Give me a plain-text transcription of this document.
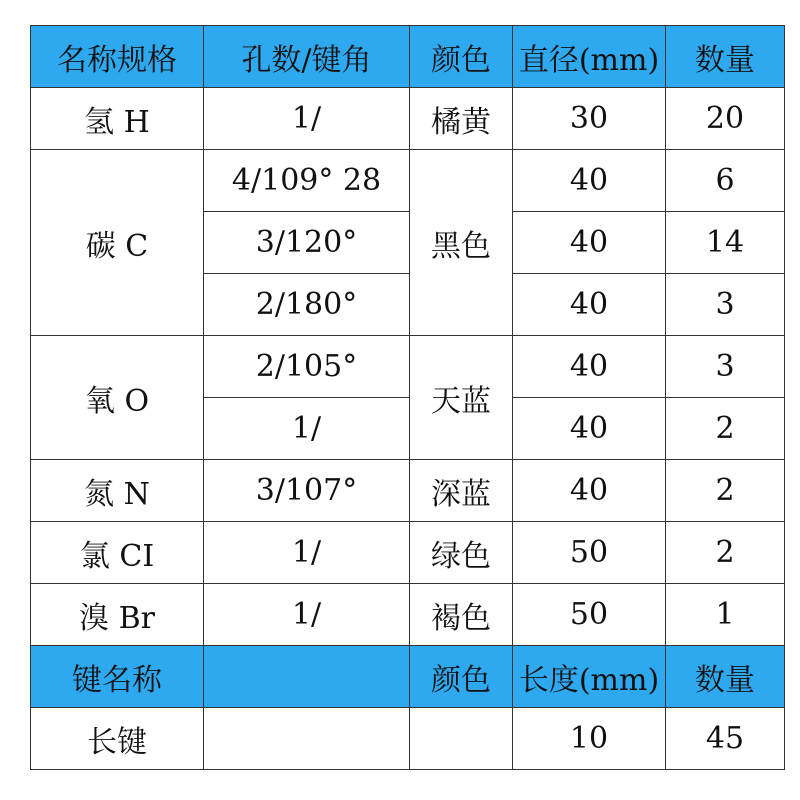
名称规格	孔数/键角	颜色	直径(mm)	数量
氢 H	1/	橘黄	30	20
碳 C	4/109° 28	黑色	40	6
	3/120°		40	14
	2/180°		40	3
氧 O	2/105°	天蓝	40	3
	1/		40	2
氮 N	3/107°	深蓝	40	2
氯 CI	1/	绿色	50	2
溴 Br	1/	褐色	50	1
键名称		颜色	长度(mm)	数量
长键			10	45
